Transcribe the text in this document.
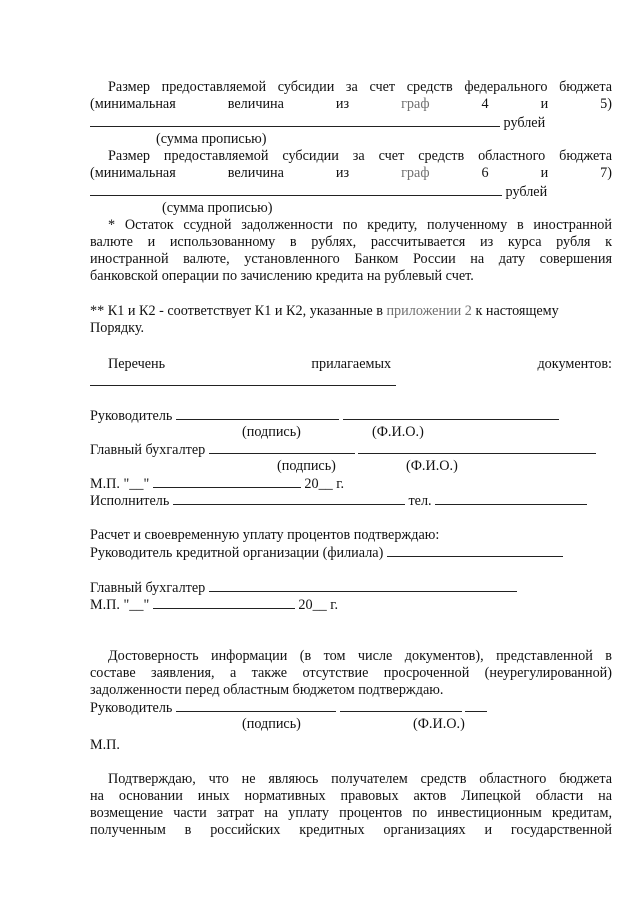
Размер предоставляемой субсидии за счет средств федерального бюджета
(минимальная	величина	из	граф	4	и	5)
рублей
(сумма прописью)
Размер предоставляемой субсидии за счет средств областного бюджета
(минимальная	величина	из	граф	6	и	7)
рублей
(сумма прописью)
* Остаток ссудной задолженности по кредиту, полученному в иностранной
валюте и использованному в рублях, рассчитывается из курса рубля к
иностранной валюте, установленного Банком России на дату совершения
банковской операции по зачислению кредита на рублевый счет.
** К1 и К2 - соответствует К1 и К2, указанные в приложении 2 к настоящему
Порядку.
Перечень	прилагаемых	документов:
Руководитель
(подпись)	(Ф.И.О.)
Главный бухгалтер
(подпись)	(Ф.И.О.)
М.П. "__"	20__ г.
Исполнитель	тел.
Расчет и своевременную уплату процентов подтверждаю:
Руководитель кредитной организации (филиала)
Главный бухгалтер
М.П. "__"	20__ г.
Достоверность информации (в том числе документов), представленной в
составе заявления, а также отсутствие просроченной (неурегулированной)
задолженности перед областным бюджетом подтверждаю.
Руководитель
(подпись)	(Ф.И.О.)
М.П.
Подтверждаю, что не являюсь получателем средств областного бюджета
на основании иных нормативных правовых актов Липецкой области на
возмещение части затрат на уплату процентов по инвестиционным кредитам,
полученным в российских кредитных организациях и государственной
